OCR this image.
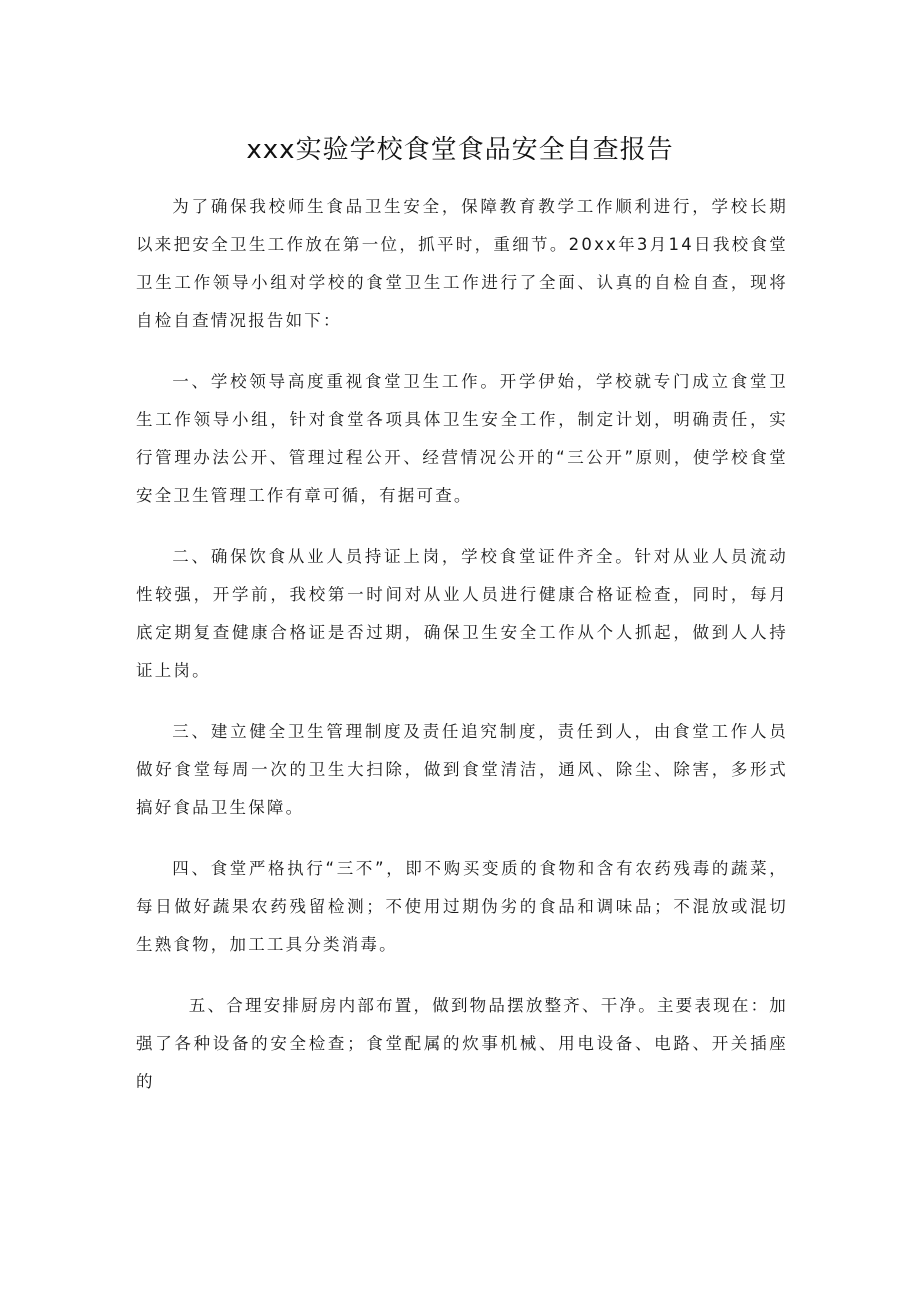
xxx实验学校食堂食品安全自查报告

为了确保我校师生食品卫生安全，保障教育教学工作顺利进行，学校长期以来把安全卫生工作放在第一位，抓平时，重细节。20xx年3月14日我校食堂卫生工作领导小组对学校的食堂卫生工作进行了全面、认真的自检自查，现将自检自查情况报告如下：

一、学校领导高度重视食堂卫生工作。开学伊始，学校就专门成立食堂卫生工作领导小组，针对食堂各项具体卫生安全工作，制定计划，明确责任，实行管理办法公开、管理过程公开、经营情况公开的“三公开”原则，使学校食堂安全卫生管理工作有章可循，有据可查。

二、确保饮食从业人员持证上岗，学校食堂证件齐全。针对从业人员流动性较强，开学前，我校第一时间对从业人员进行健康合格证检查，同时，每月底定期复查健康合格证是否过期，确保卫生安全工作从个人抓起，做到人人持证上岗。

三、建立健全卫生管理制度及责任追究制度，责任到人，由食堂工作人员做好食堂每周一次的卫生大扫除，做到食堂清洁，通风、除尘、除害，多形式搞好食品卫生保障。

四、食堂严格执行“三不”，即不购买变质的食物和含有农药残毒的蔬菜，每日做好蔬果农药残留检测；不使用过期伪劣的食品和调味品；不混放或混切生熟食物，加工工具分类消毒。

五、合理安排厨房内部布置，做到物品摆放整齐、干净。主要表现在：加强了各种设备的安全检查；食堂配属的炊事机械、用电设备、电路、开关插座的
